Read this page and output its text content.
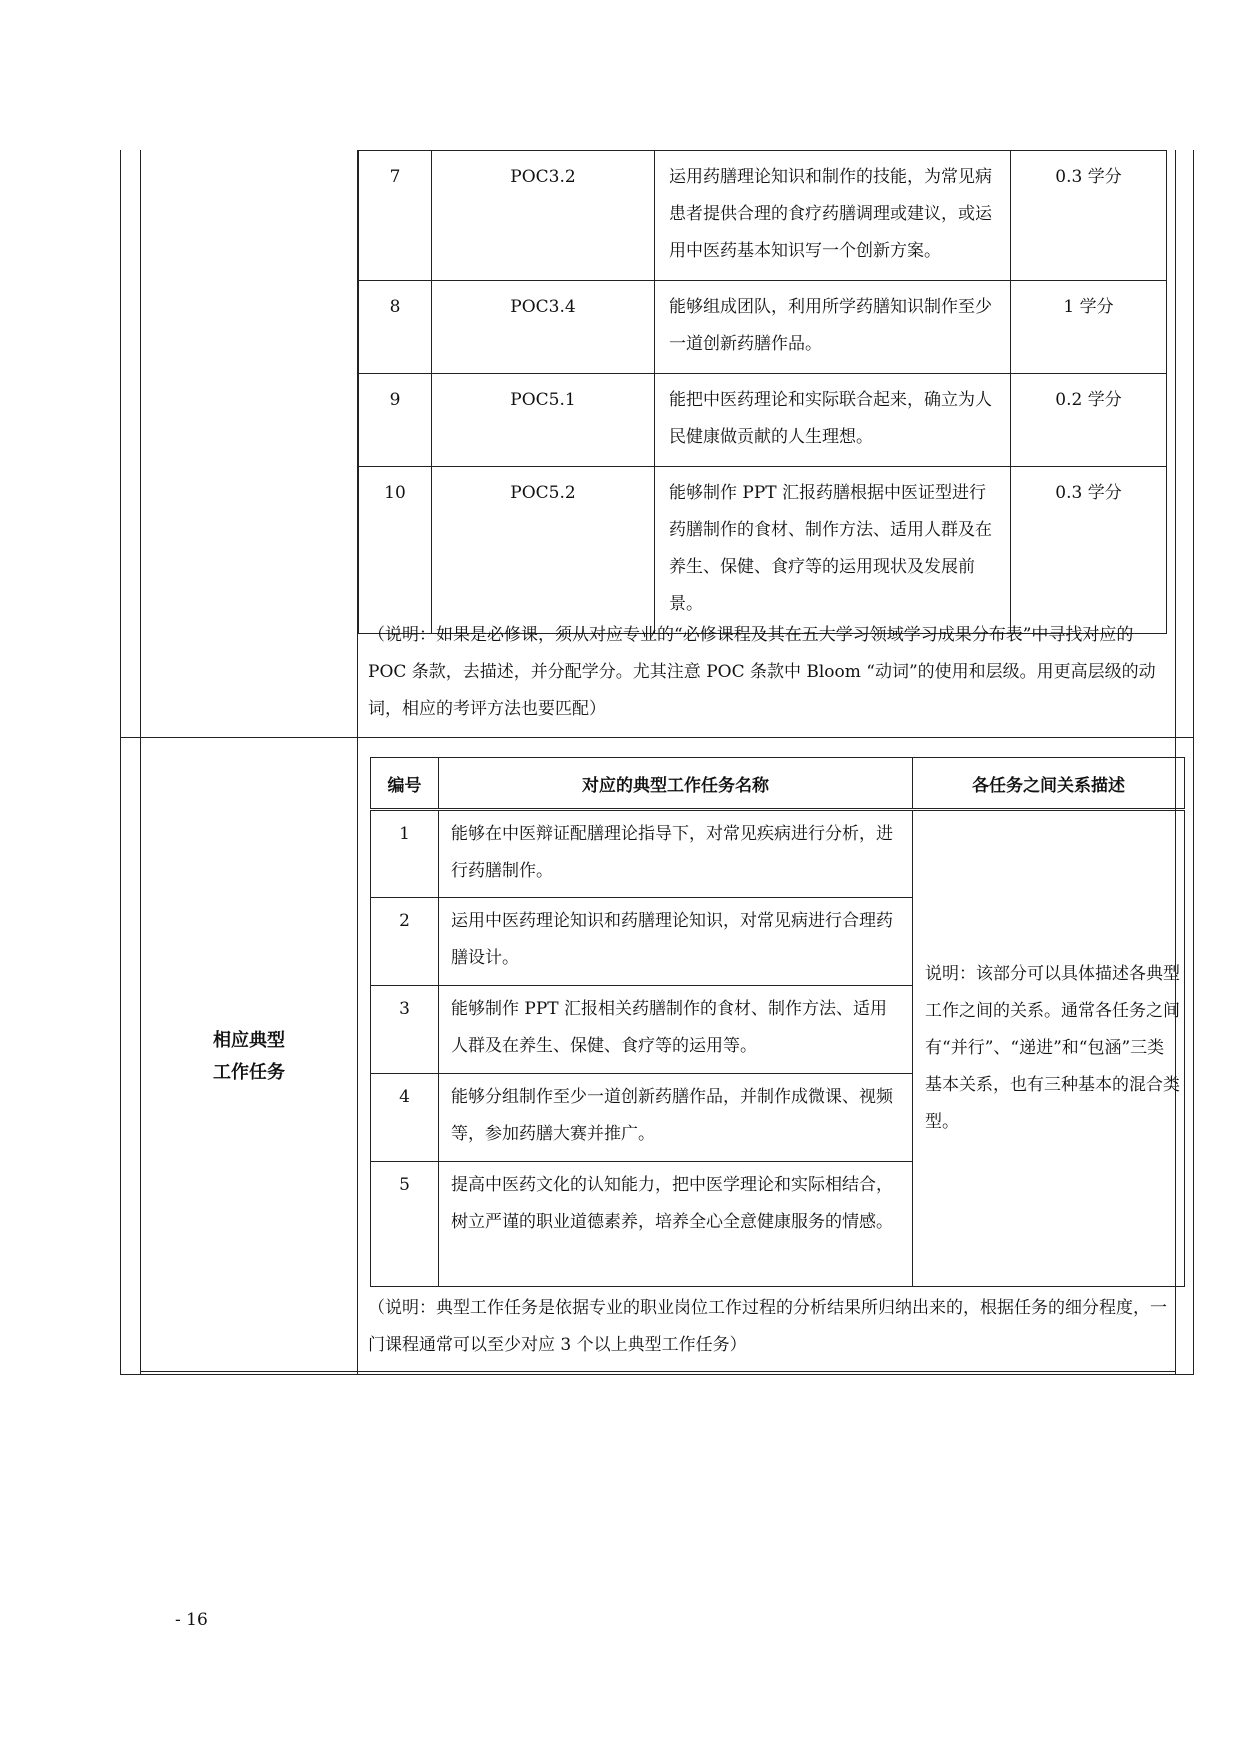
7	POC3.2	运用药膳理论知识和制作的技能，为常见病患者提供合理的食疗药膳调理或建议，或运用中医药基本知识写一个创新方案。	0.3 学分
8	POC3.4	能够组成团队，利用所学药膳知识制作至少一道创新药膳作品。	1 学分
9	POC5.1	能把中医药理论和实际联合起来，确立为人民健康做贡献的人生理想。	0.2 学分
10	POC5.2	能够制作 PPT 汇报药膳根据中医证型进行药膳制作的食材、制作方法、适用人群及在养生、保健、食疗等的运用现状及发展前景。	0.3 学分
（说明：如果是必修课，须从对应专业的“必修课程及其在五大学习领域学习成果分布表”中寻找对应的 POC 条款，去描述，并分配学分。尤其注意 POC 条款中 Bloom “动词”的使用和层级。用更高层级的动词，相应的考评方法也要匹配）
相应典型
工作任务
编号	对应的典型工作任务名称	各任务之间关系描述
1	能够在中医辩证配膳理论指导下，对常见疾病进行分析，进行药膳制作。	说明：该部分可以具体描述各典型工作之间的关系。通常各任务之间有“并行”、“递进”和“包涵”三类基本关系，也有三种基本的混合类型。
2	运用中医药理论知识和药膳理论知识，对常见病进行合理药膳设计。	
3	能够制作 PPT 汇报相关药膳制作的食材、制作方法、适用人群及在养生、保健、食疗等的运用等。	
4	能够分组制作至少一道创新药膳作品，并制作成微课、视频等，参加药膳大赛并推广。	
5	提高中医药文化的认知能力，把中医学理论和实际相结合，树立严谨的职业道德素养，培养全心全意健康服务的情感。	
（说明：典型工作任务是依据专业的职业岗位工作过程的分析结果所归纳出来的，根据任务的细分程度，一门课程通常可以至少对应 3 个以上典型工作任务）
- 16
